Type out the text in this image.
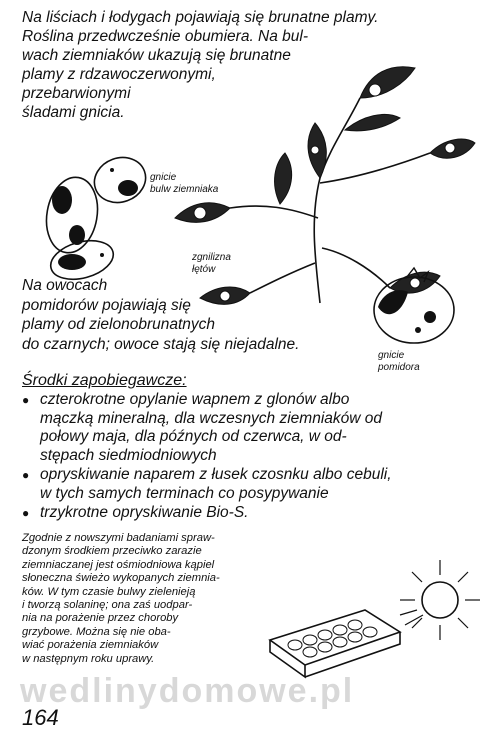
Na liściach i łodygach pojawiają się brunatne plamy.
Roślina przedwcześnie obumiera. Na bul-
wach ziemniaków ukazują się brunatne
plamy z rdzawoczerwonymi,
przebarwionymi
śladami gnicia.
gnicie
bulw ziemniaka
zgnilizna
łętów
Na owocach
pomidorów pojawiają się
plamy od zielonobrunatnych
do czarnych; owoce stają się niejadalne.
gnicie
pomidora
Środki zapobiegawcze:
● czterokrotne opylanie wapnem z glonów albo
mączką mineralną, dla wczesnych ziemniaków od
połowy maja, dla późnych od czerwca, w od-
stępach siedmiodniowych
● opryskiwanie naparem z łusek czosnku albo cebuli,
w tych samych terminach co posypywanie
● trzykrotne opryskiwanie Bio-S.
Zgodnie z nowszymi badaniami spraw-
dzonym środkiem przeciwko zarazie
ziemniaczanej jest ośmiodniowa kąpiel
słoneczna świeżo wykopanych ziemnia-
ków. W tym czasie bulwy zielenieją
i tworzą solaninę; ona zaś uodpar-
nia na porażenie przez choroby
grzybowe. Można się nie oba-
wiać porażenia ziemniaków
w następnym roku uprawy.
wedlinydomowe.pl
164
